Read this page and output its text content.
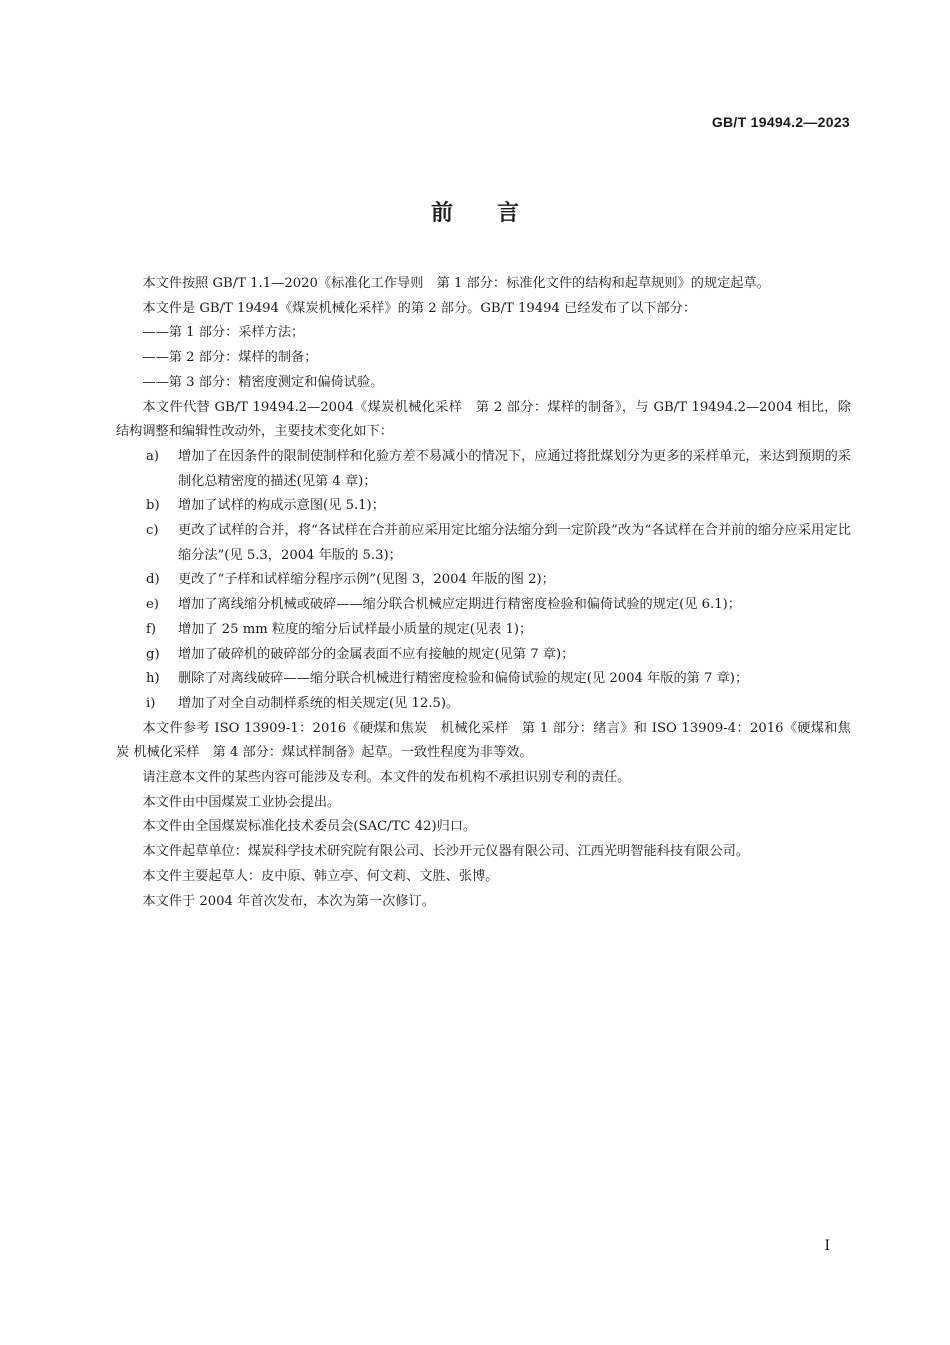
GB/T 19494.2—2023
前言

本文件按照 GB/T 1.1—2020《标准化工作导则　第 1 部分：标准化文件的结构和起草规则》的规定起草。

本文件是 GB/T 19494《煤炭机械化采样》的第 2 部分。GB/T 19494 已经发布了以下部分：

——第 1 部分：采样方法；

——第 2 部分：煤样的制备；

——第 3 部分：精密度测定和偏倚试验。

本文件代替 GB/T 19494.2—2004《煤炭机械化采样　第 2 部分：煤样的制备》，与 GB/T 19494.2—2004 相比，除结构调整和编辑性改动外，主要技术变化如下：

a)	增加了在因条件的限制使制样和化验方差不易减小的情况下，应通过将批煤划分为更多的采样单元，来达到预期的采制化总精密度的描述(见第 4 章)；
b)	增加了试样的构成示意图(见 5.1)；
c)	更改了试样的合并，将“各试样在合并前应采用定比缩分法缩分到一定阶段”改为“各试样在合并前的缩分应采用定比缩分法”(见 5.3，2004 年版的 5.3)；
d)	更改了“子样和试样缩分程序示例”(见图 3，2004 年版的图 2)；
e)	增加了离线缩分机械或破碎——缩分联合机械应定期进行精密度检验和偏倚试验的规定(见 6.1)；
f)	增加了 25 mm 粒度的缩分后试样最小质量的规定(见表 1)；
g)	增加了破碎机的破碎部分的金属表面不应有接触的规定(见第 7 章)；
h)	删除了对离线破碎——缩分联合机械进行精密度检验和偏倚试验的规定(见 2004 年版的第 7 章)；
i)	增加了对全自动制样系统的相关规定(见 12.5)。

本文件参考 ISO 13909-1：2016《硬煤和焦炭　机械化采样　第 1 部分：绪言》和 ISO 13909-4：2016《硬煤和焦炭 机械化采样　第 4 部分：煤试样制备》起草。一致性程度为非等效。

请注意本文件的某些内容可能涉及专利。本文件的发布机构不承担识别专利的责任。

本文件由中国煤炭工业协会提出。

本文件由全国煤炭标准化技术委员会(SAC/TC 42)归口。

本文件起草单位：煤炭科学技术研究院有限公司、长沙开元仪器有限公司、江西光明智能科技有限公司。

本文件主要起草人：皮中原、韩立亭、何文莉、文胜、张博。

本文件于 2004 年首次发布，本次为第一次修订。

I
